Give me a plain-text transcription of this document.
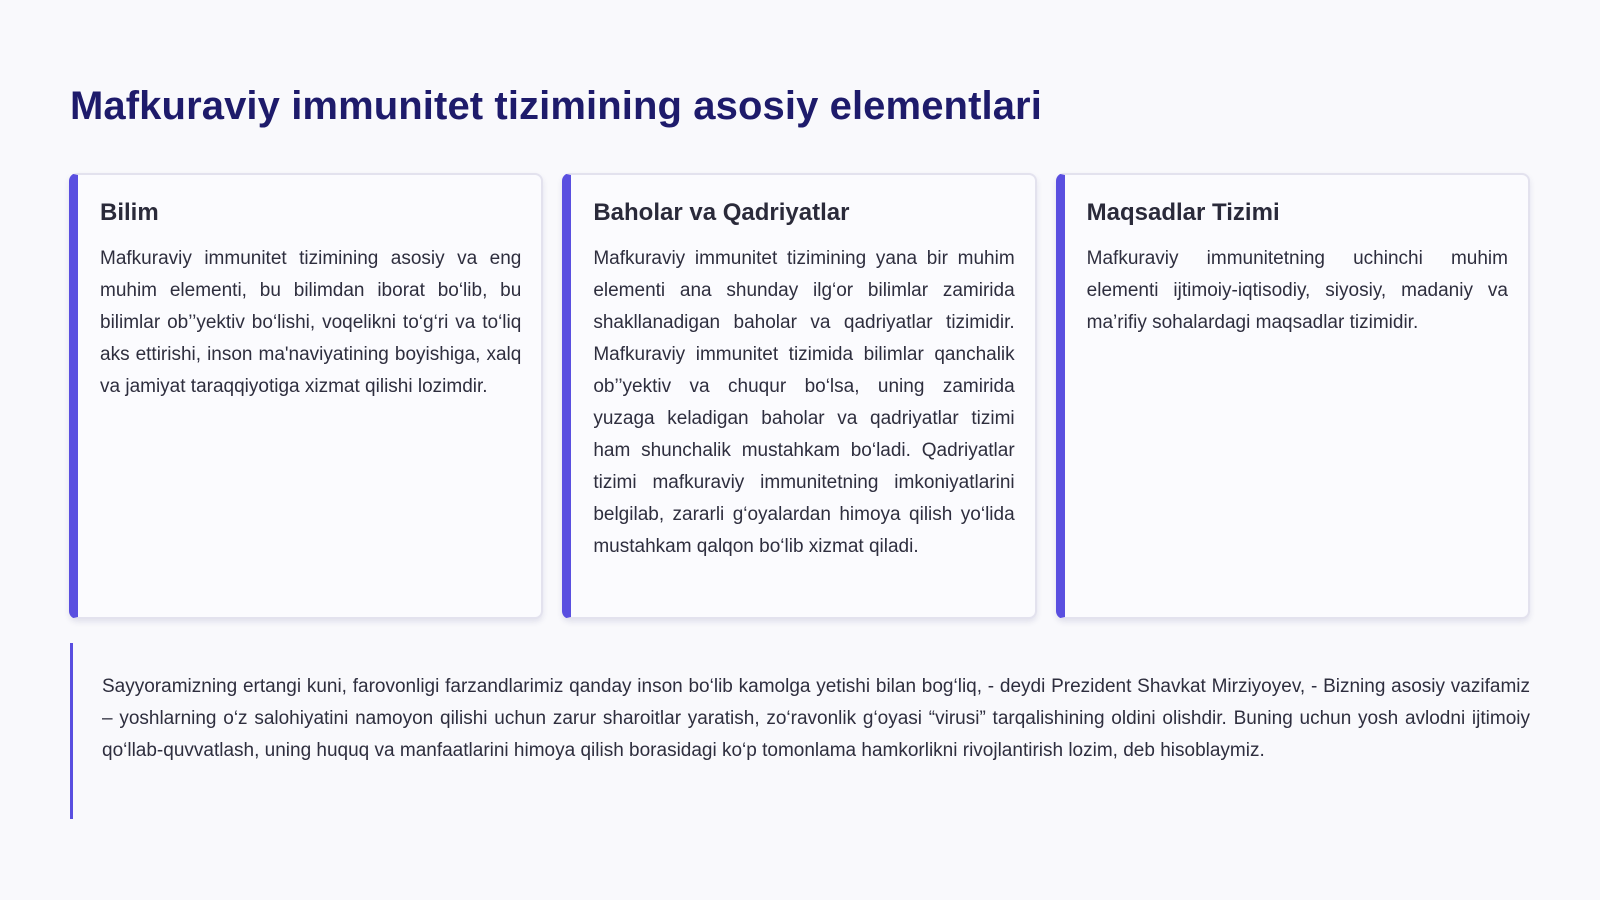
Mafkuraviy immunitet tizimining asosiy elementlari
Bilim

Mafkuraviy immunitet tizimining asosiy va eng muhim elementi, bu bilimdan iborat bo‘lib, bu bilimlar ob’’yektiv bo‘lishi, voqelikni to‘g‘ri va to‘liq aks ettirishi, inson ma'naviyatining boyishiga, xalq va jamiyat taraqqiyotiga xizmat qilishi lozimdir.

Baholar va Qadriyatlar

Mafkuraviy immunitet tizimining yana bir muhim elementi ana shunday ilg‘or bilimlar zamirida shakllanadigan baholar va qadriyatlar tizimidir. Mafkuraviy immunitet tizimida bilimlar qanchalik ob’’yektiv va chuqur bo‘lsa, uning zamirida yuzaga keladigan baholar va qadriyatlar tizimi ham shunchalik mustahkam bo‘ladi. Qadriyatlar tizimi mafkuraviy immunitetning imkoniyatlarini belgilab, zararli g‘oyalardan himoya qilish yo‘lida mustahkam qalqon bo‘lib xizmat qiladi.

Maqsadlar Tizimi

Mafkuraviy immunitetning uchinchi muhim elementi ijtimoiy-iqtisodiy, siyosiy, madaniy va ma’rifiy sohalardagi maqsadlar tizimidir.

Sayyoramizning ertangi kuni, farovonligi farzandlarimiz qanday inson bo‘lib kamolga yetishi bilan bog‘liq, - deydi Prezident Shavkat Mirziyoyev, - Bizning asosiy vazifamiz – yoshlarning o‘z salohiyatini namoyon qilishi uchun zarur sharoitlar yaratish, zo‘ravonlik g‘oyasi “virusi” tarqalishining oldini olishdir. Buning uchun yosh avlodni ijtimoiy qo‘llab-quvvatlash, uning huquq va manfaatlarini himoya qilish borasidagi ko‘p tomonlama hamkorlikni rivojlantirish lozim, deb hisoblaymiz.
